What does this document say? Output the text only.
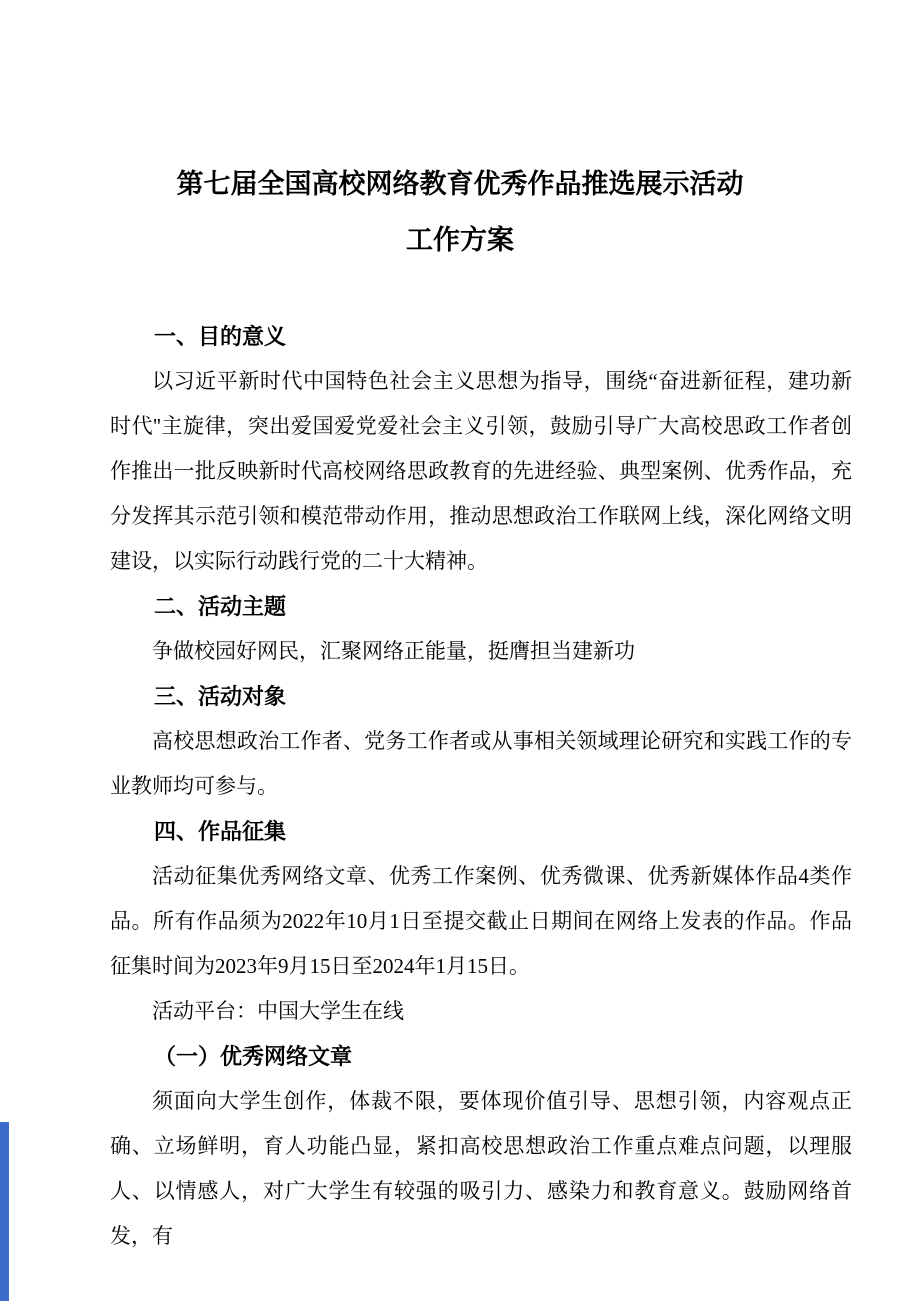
第七届全国高校网络教育优秀作品推选展示活动
工作方案

一、目的意义

以习近平新时代中国特色社会主义思想为指导，围绕“奋进新征程，建功新时代''主旋律，突出爱国爱党爱社会主义引领，鼓励引导广大高校思政工作者创作推出一批反映新时代高校网络思政教育的先进经验、典型案例、优秀作品，充分发挥其示范引领和模范带动作用，推动思想政治工作联网上线，深化网络文明建设，以实际行动践行党的二十大精神。

二、活动主题

争做校园好网民，汇聚网络正能量，挺膺担当建新功

三、活动对象

高校思想政治工作者、党务工作者或从事相关领域理论研究和实践工作的专业教师均可参与。

四、作品征集

活动征集优秀网络文章、优秀工作案例、优秀微课、优秀新媒体作品4类作品。所有作品须为2022年10月1日至提交截止日期间在网络上发表的作品。作品征集时间为2023年9月15日至2024年1月15日。

活动平台：中国大学生在线

（一）优秀网络文章

须面向大学生创作，体裁不限，要体现价值引导、思想引领，内容观点正确、立场鲜明，育人功能凸显，紧扣高校思想政治工作重点难点问题，以理服人、以情感人，对广大学生有较强的吸引力、感染力和教育意义。鼓励网络首发，有
